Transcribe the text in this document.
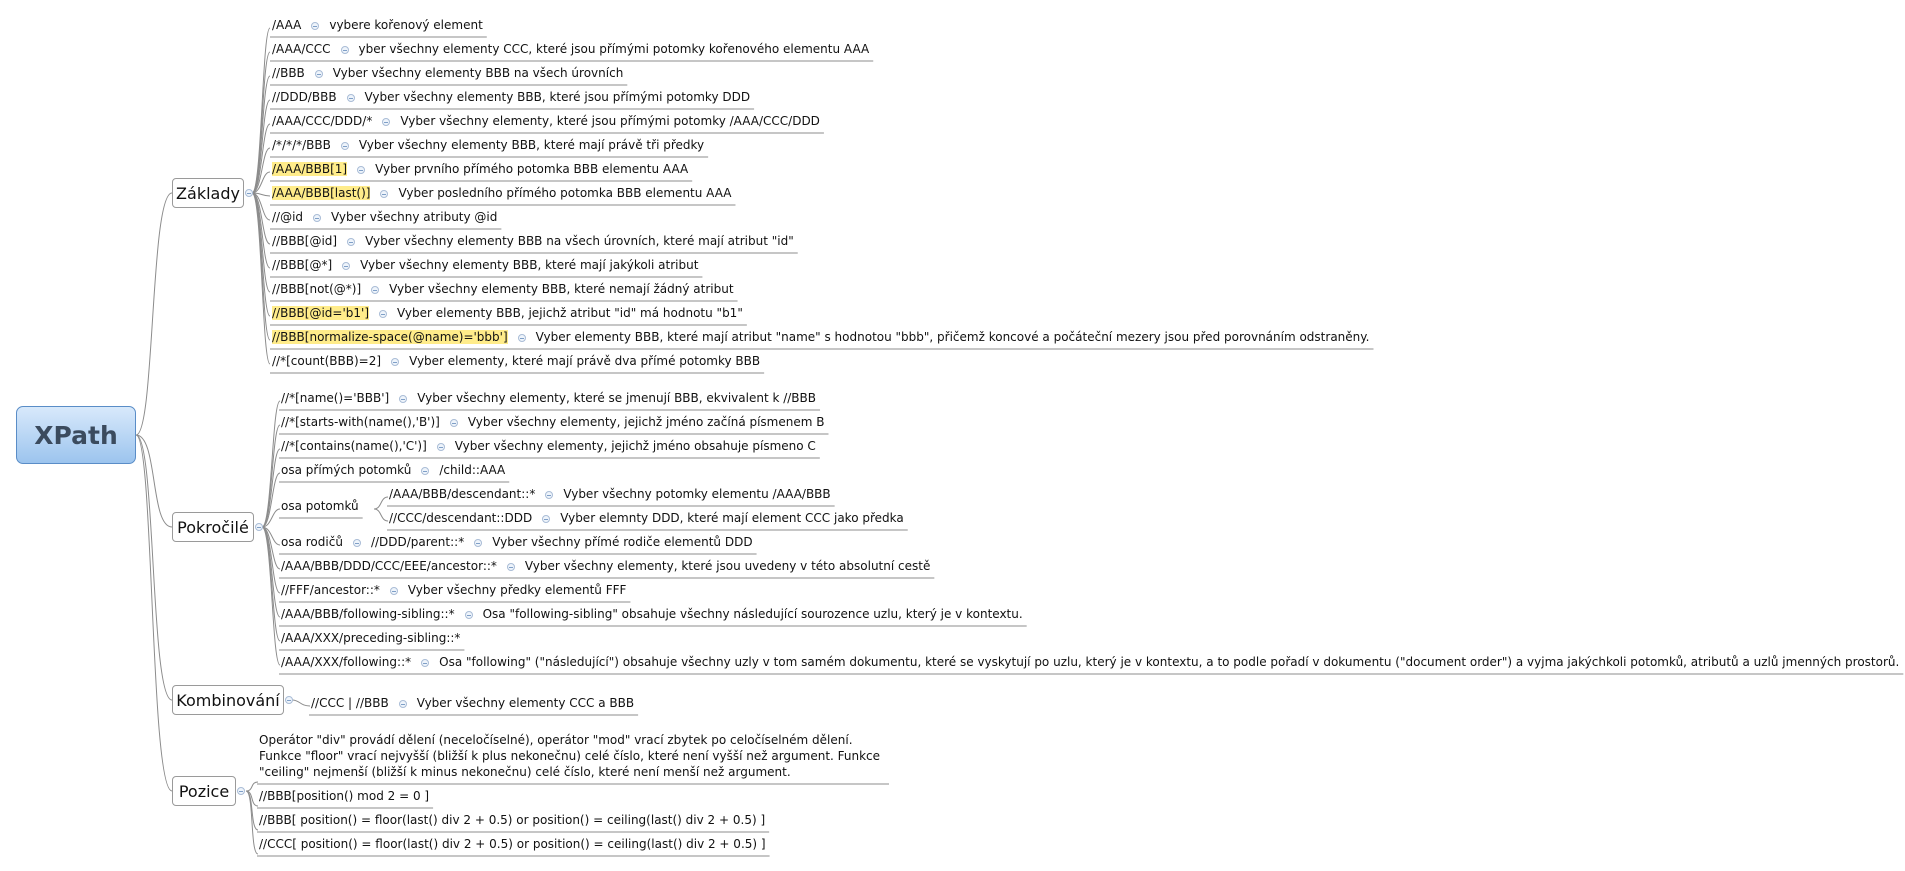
XPath
Základy
Pokročilé
Kombinování
Pozice
/AAA vybere kořenový element
/AAA/CCC yber všechny elementy CCC, které jsou přímými potomky kořenového elementu AAA
//BBB Vyber všechny elementy BBB na všech úrovních
//DDD/BBB Vyber všechny elementy BBB, které jsou přímými potomky DDD
/AAA/CCC/DDD/* Vyber všechny elementy, které jsou přímými potomky /AAA/CCC/DDD
/*/*/*/BBB Vyber všechny elementy BBB, které mají právě tři předky
/AAA/BBB[1] Vyber prvního přímého potomka BBB elementu AAA
/AAA/BBB[last()] Vyber posledního přímého potomka BBB elementu AAA
//@id Vyber všechny atributy @id
//BBB[@id] Vyber všechny elementy BBB na všech úrovních, které mají atribut "id"
//BBB[@*] Vyber všechny elementy BBB, které mají jakýkoli atribut
//BBB[not(@*)] Vyber všechny elementy BBB, které nemají žádný atribut
//BBB[@id='b1'] Vyber elementy BBB, jejichž atribut "id" má hodnotu "b1"
//BBB[normalize-space(@name)='bbb'] Vyber elementy BBB, které mají atribut "name" s hodnotou "bbb", přičemž koncové a počáteční mezery jsou před porovnáním odstraněny.
//*[count(BBB)=2] Vyber elementy, které mají právě dva přímé potomky BBB
//*[name()='BBB'] Vyber všechny elementy, které se jmenují BBB, ekvivalent k //BBB
//*[starts-with(name(),'B')] Vyber všechny elementy, jejichž jméno začíná písmenem B
//*[contains(name(),'C')] Vyber všechny elementy, jejichž jméno obsahuje písmeno C
osa přímých potomků /child::AAA
osa potomků
/AAA/BBB/descendant::* Vyber všechny potomky elementu /AAA/BBB
//CCC/descendant::DDD Vyber elemnty DDD, které mají element CCC jako předka
osa rodičů //DDD/parent::* Vyber všechny přímé rodiče elementů DDD
/AAA/BBB/DDD/CCC/EEE/ancestor::* Vyber všechny elementy, které jsou uvedeny v této absolutní cestě
//FFF/ancestor::* Vyber všechny předky elementů FFF
/AAA/BBB/following-sibling::* Osa "following-sibling" obsahuje všechny následující sourozence uzlu, který je v kontextu.
/AAA/XXX/preceding-sibling::*
/AAA/XXX/following::* Osa "following" ("následující") obsahuje všechny uzly v tom samém dokumentu, které se vyskytují po uzlu, který je v kontextu, a to podle pořadí v dokumentu ("document order") a vyjma jakýchkoli potomků, atributů a uzlů jmenných prostorů.
//CCC | //BBB Vyber všechny elementy CCC a BBB
Operátor "div" provádí dělení (neceločíselné), operátor "mod" vrací zbytek po celočíselném dělení. Funkce "floor" vrací nejvyšší (bližší k plus nekonečnu) celé číslo, které není vyšší než argument. Funkce "ceiling" nejmenší (bližší k minus nekonečnu) celé číslo, které není menší než argument.
//BBB[position() mod 2 = 0 ]
//BBB[ position() = floor(last() div 2 + 0.5) or position() = ceiling(last() div 2 + 0.5) ]
//CCC[ position() = floor(last() div 2 + 0.5) or position() = ceiling(last() div 2 + 0.5) ]
